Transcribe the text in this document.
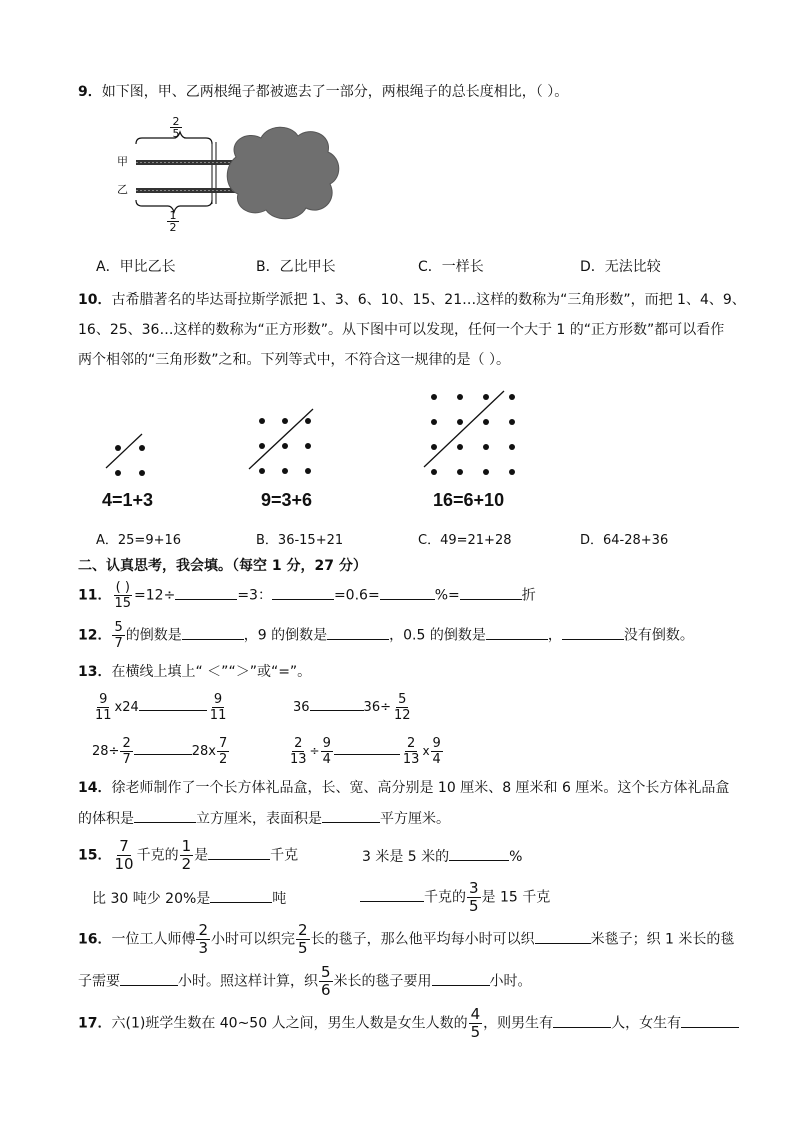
9．如下图，甲、乙两根绳子都被遮去了一部分，两根绳子的总长度相比，（ ）。
$\frac{2}{5}$
$\frac{1}{2}$
甲
乙
A．甲比乙长	B．乙比甲长	C．一样长	D．无法比较
10．古希腊著名的毕达哥拉斯学派把 1、3、6、10、15、21…这样的数称为“三角形数”，而把 1、4、9、
16、25、36…这样的数称为“正方形数”。从下图中可以发现，任何一个大于 1 的“正方形数”都可以看作
两个相邻的“三角形数”之和。下列等式中，不符合这一规律的是（ ）。
4=1+3	9=3+6	16=6+10
A．25=9+16	B．36-15+21	C．49=21+28	D．64-28+36
二、认真思考，我会填。（每空 1 分，27 分）
11． $\frac{( )}{15} =12\div$	=3：	=0.6=	%=	折
12． $\frac{5}{7}$ 的倒数是	，9 的倒数是	，0.5 的倒数是	，	没有倒数。
13．在横线上填上“ ＜”“＞”或“=”。
$\frac{9}{11} x24$	$\frac{9}{11}$	36	$36\div \frac{5}{12}$
$28\div \frac{2}{7}$	$28x \frac{7}{2}$	$\frac{2}{13} \div \frac{9}{4}$	$\frac{2}{13}$ x $\frac{9}{4}$
14．徐老师制作了一个长方体礼品盒，长、宽、高分别是 10 厘米、8 厘米和 6 厘米。这个长方体礼品盒
的体积是	立方厘米，表面积是	平方厘米。
15． $\frac{7}{10}$ 千克的 $\frac{1}{2}$ 是	千克	3 米是 5 米的	%
比 30 吨少 20%是	吨	千克的 $\frac{3}{5}$ 是 15 千克
16．一位工人师傅 $\frac{2}{3}$ 小时可以织完 $\frac{2}{5}$ 长的毯子，那么他平均每小时可以织	米毯子；织 1 米长的毯
子需要	小时。照这样计算，织 $\frac{5}{6}$ 米长的毯子要用	小时。
17．六(1)班学生数在 40~50 人之间，男生人数是女生人数的 $\frac{4}{5}$ ，则男生有	人，女生有
